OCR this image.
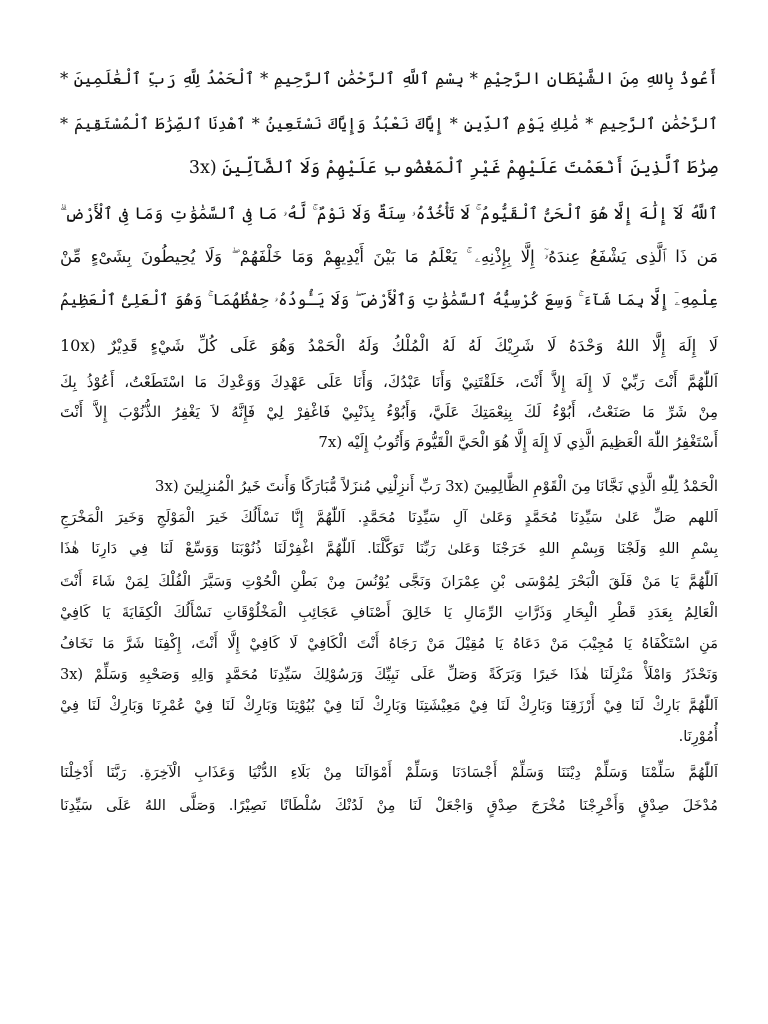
أَعُوذُ بِاللهِ مِنَ الشَّيْطَانِ الرَّجِيْمِ * بِسْمِ ٱللَّهِ ٱلرَّحْمَٰنِ ٱلرَّحِيمِ * ٱلْحَمْدُ لِلَّهِ رَبِّ ٱلْعَٰلَمِينَ *
ٱلرَّحْمَٰنِ ٱلرَّحِيمِ * مَٰلِكِ يَوْمِ ٱلدِّينِ * إِيَّاكَ نَعْبُدُ وَإِيَّاكَ نَسْتَعِينُ * ٱهْدِنَا ٱلصِّرَٰطَ ٱلْمُسْتَقِيمَ *
صِرَٰطَ ٱلَّذِينَ أَنْعَمْتَ عَلَيْهِمْ غَيْرِ ٱلْمَغْضُوبِ عَلَيْهِمْ وَلَا ٱلضَّآلِّينَ (3x
ٱللَّهُ لَآ إِلَٰهَ إِلَّا هُوَ ٱلْحَىُّ ٱلْقَيُّومُ ۚ لَا تَأْخُذُهُۥ سِنَةٌ وَلَا نَوْمٌ ۚ لَّهُۥ مَا فِى ٱلسَّمَٰوَٰتِ وَمَا فِى ٱلْأَرْضِ ۗ
مَن ذَا ٱلَّذِى يَشْفَعُ عِندَهُۥٓ إِلَّا بِإِذْنِهِۦ ۚ يَعْلَمُ مَا بَيْنَ أَيْدِيهِمْ وَمَا خَلْفَهُمْ ۖ وَلَا يُحِيطُونَ بِشَىْءٍ مِّنْ
عِلْمِهِۦٓ إِلَّا بِمَا شَآءَ ۚ وَسِعَ كُرْسِيُّهُ ٱلسَّمَٰوَٰتِ وَٱلْأَرْضَ ۖ وَلَا يَـُٔودُهُۥ حِفْظُهُمَا ۚ وَهُوَ ٱلْعَلِىُّ ٱلْعَظِيمُ
لَا إِلَهَ إِلَّا اللهُ وَحْدَهُ لَا شَرِيْكَ لَهُ لَهُ الْمُلْكُ وَلَهُ الْحَمْدُ وَهُوَ عَلَى كُلِّ شَيْءٍ قَدِيْرٌ (10x
اَللّٰهُمَّ أَنْتَ رَبِّيْ لَا إِلَهَ إِلاَّ أَنْتَ، خَلَقْتَنِيْ وَأَنَا عَبْدُكَ، وَأَنَا عَلَى عَهْدِكَ وَوَعْدِكَ مَا اسْتَطَعْتُ، أَعُوْذُ بِكَ
مِنْ شَرِّ مَا صَنَعْتُ، أَبُوْءُ لَكَ بِنِعْمَتِكَ عَلَيَّ، وَأَبُوْءُ بِذَنْبِيْ فَاغْفِرْ لِيْ فَإِنَّهُ لاَ يَغْفِرُ الذُّنُوْبَ إِلاَّ أَنْتَ
أَسْتَغْفِرُ اللّٰهَ الْعَظِيمَ الَّذِي لَا إِلَهَ إِلَّا هُوَ الْحَيَّ الْقَيُّومَ وَأَتُوبُ إِلَيْه (7x
الْحَمْدُ لِلّٰهِ الَّذِي نَجَّانَا مِنَ الْقَوْمِ الظَّالِمِينَ (3x رَبِّ أَنزِلْنِي مُنزَلاً مُّبَارَكًا وَأَنتَ خَيرُ الْمُنزِلِينَ (3x
اَللهم صَلِّ عَلىٰ سَيِّدِنَا مُحَمَّدٍ وَعَلىٰ آلِ سَيِّدِنَا مُحَمَّدٍ. اَللّٰهُمَّ إِنَّا نَسْأَلُكَ خَيرَ الْمَوْلَجِ وَخَيرَ الْمَخْرَجِ
بِسْمِ اللهِ وَلَجْنَا وَبِسْمِ اللهِ خَرَجْنَا وَعَلىٰ رَبِّنَا تَوَكَّلْنَا. اَللّٰهُمَّ اغْفِرْلَنَا ذُنُوْبَنَا وَوَسِّعْ لَنَا فِي دَارِنَا هٰذَا
اَللّٰهُمَّ يَا مَنْ فَلَقَ الْبَحْرَ لِمُوْسَى بْنِ عِمْرَانَ وَنَجَّى يُوْنُسَ مِنْ بَطْنِ الْحُوْتِ وَسَيَّرَ الْفُلْكَ لِمَنْ شَاءَ أَنْتَ
الْعَالِمُ بِعَدَدِ قَطْرِ الْبِحَارِ وَذَرَّاتِ الرِّمَالِ يَا خَالِقَ أَصْنَافِ عَجَائِبِ الْمَخْلُوْقَاتِ نَسْأَلُكَ الْكِفَايَةَ يَا كَافِيْ
مَنِ اسْتَكْفَاهُ يَا مُجِيْبَ مَنْ دَعَاهُ يَا مُقِيْلَ مَنْ رَجَاهُ أَنْتَ الْكَافِيْ لَا كَافِيْ إِلَّا أَنْتَ، إِكْفِنَا شَرَّ مَا نَخَافُ
وَنَحْذَرُ وَامْلَأْ مَنْزِلَنَا هٰذَا خَيرًا وَبَرَكَةً وَصَلِّ عَلَى نَبِيِّكَ وَرَسُوْلِكَ سَيِّدِنَا مُحَمَّدٍ وَالِهِ وَصَحْبِهِ وَسَلِّمْ (3x
اَللّٰهُمَّ بَارِكْ لَنَا فِيْ أَرْزَقِنَا وَبَارِكْ لَنَا فِيْ مَعِيْشَتِنَا وَبَارِكْ لَنَا فِيْ بُيُوْتِنَا وَبَارِكْ لَنَا فِيْ عُمْرِنَا وَبَارِكْ لَنَا فِيْ
أُمُوْرِنَا.
اَللّٰهُمَّ سَلِّمْنَا وَسَلِّمْ دِيْنَنَا وَسَلِّمْ أَجْسَادَنَا وَسَلِّمْ أَمْوَالَنَا مِنْ بَلَاءِ الدُّنْيَا وَعَذَابِ الْآخِرَةِ. رَبَّنَا أَدْخِلْنَا
مُدْخَلَ صِدْقٍ وَأَخْرِجْنَا مُخْرَجَ صِدْقٍ وَاجْعَلْ لَنَا مِنْ لَدُنْكَ سُلْطَانًا نَصِيْرًا. وَصَلَّى اللهُ عَلَى سَيِّدِنَا
